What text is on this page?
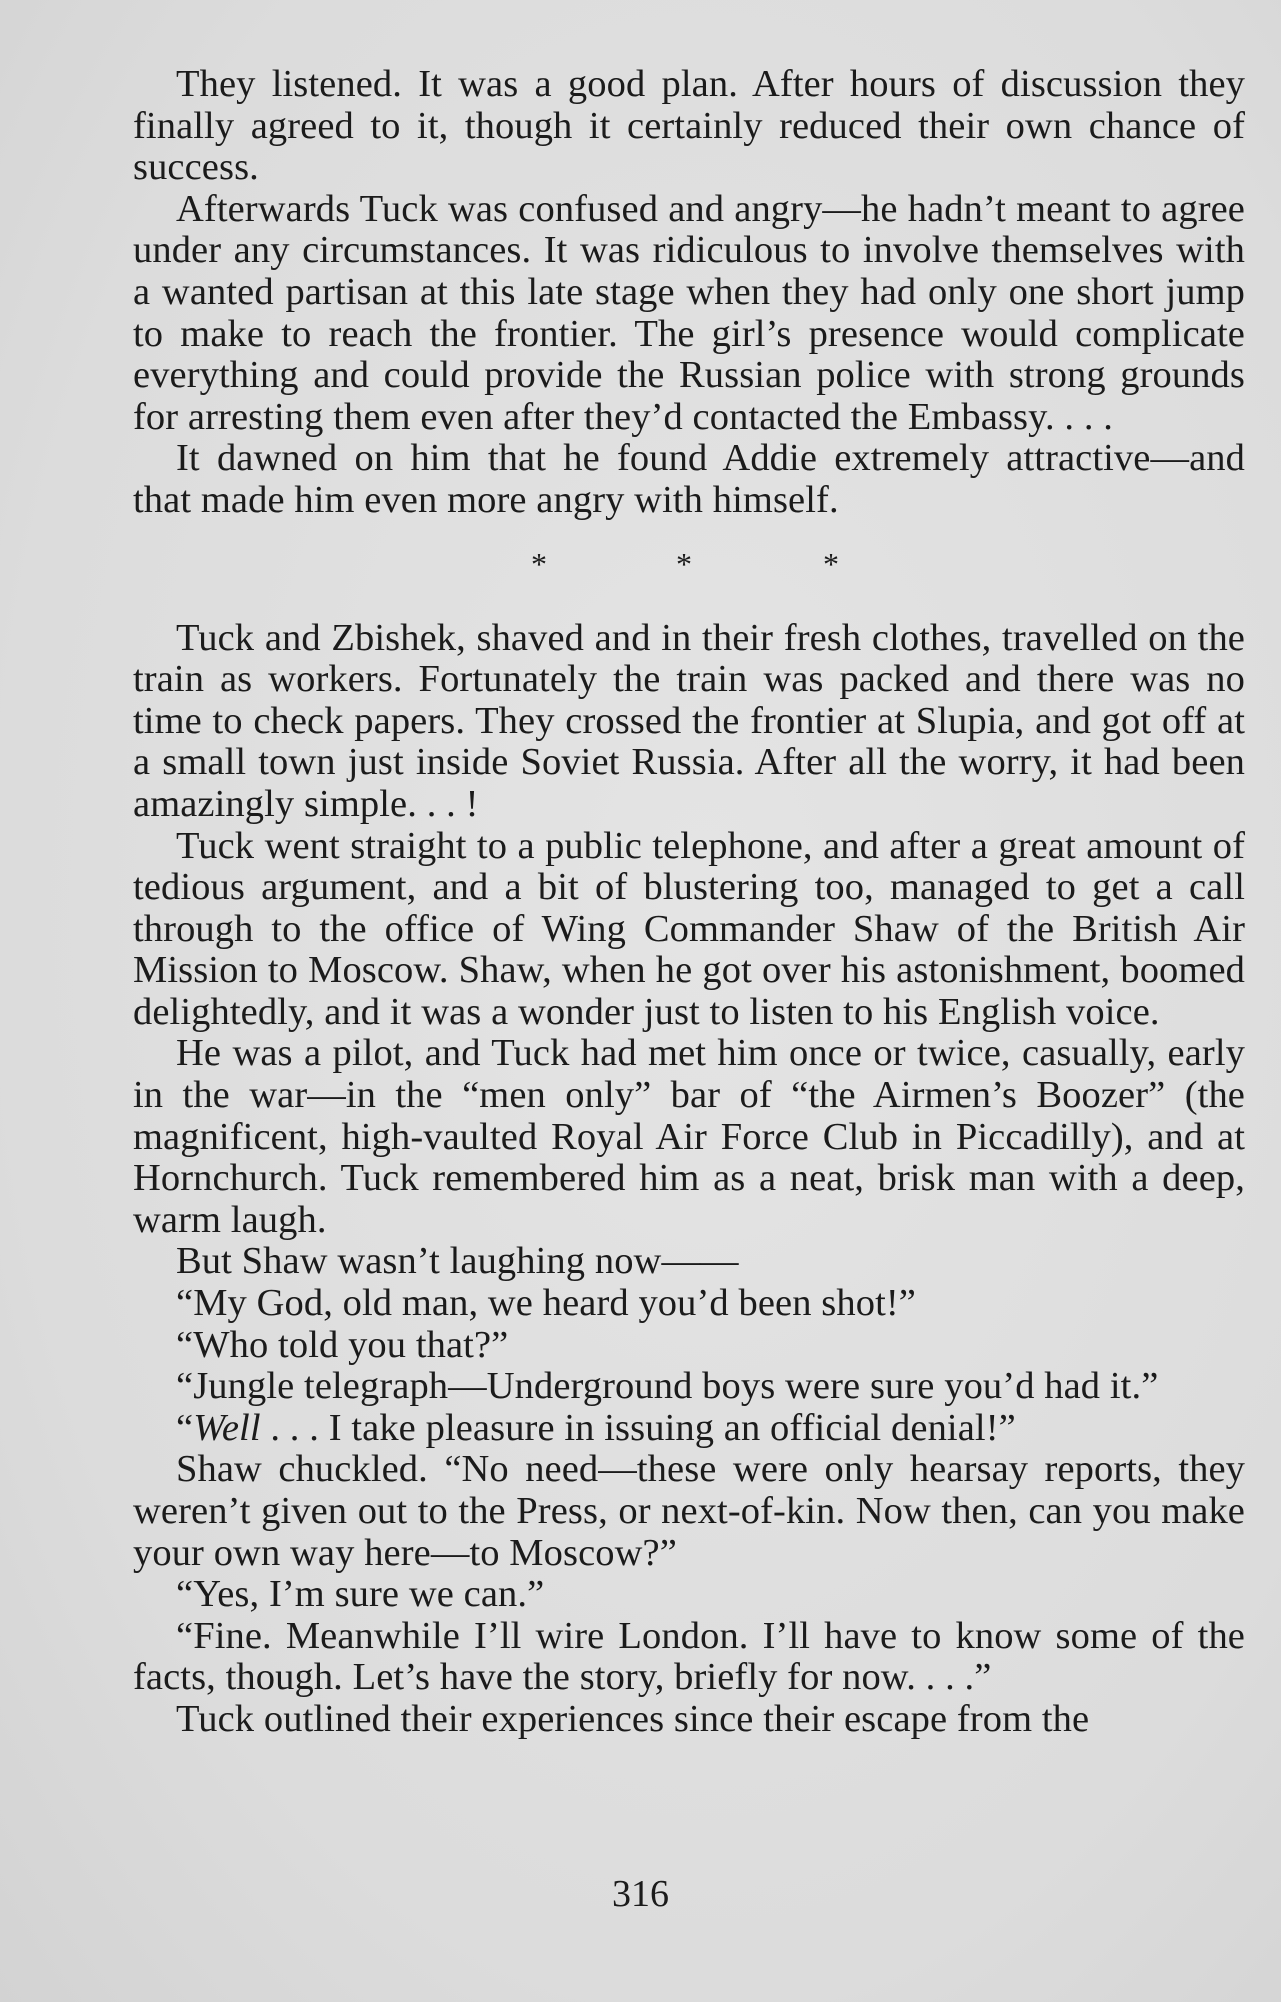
They listened. It was a good plan. After hours of discussion they finally agreed to it, though it certainly reduced their own chance of success.

Afterwards Tuck was confused and angry—he hadn’t meant to agree under any circumstances. It was ridiculous to involve themselves with a wanted partisan at this late stage when they had only one short jump to make to reach the frontier. The girl’s presence would complicate everything and could provide the Russian police with strong grounds for arresting them even after they’d contacted the Embassy. . . .

It dawned on him that he found Addie extremely attractive—and that made him even more angry with himself.

*	*	*

Tuck and Zbishek, shaved and in their fresh clothes, travelled on the train as workers. Fortunately the train was packed and there was no time to check papers. They crossed the frontier at Slupia, and got off at a small town just inside Soviet Russia. After all the worry, it had been amazingly simple. . . !

Tuck went straight to a public telephone, and after a great amount of tedious argument, and a bit of blustering too, managed to get a call through to the office of Wing Commander Shaw of the British Air Mission to Moscow. Shaw, when he got over his astonishment, boomed delightedly, and it was a wonder just to listen to his English voice.

He was a pilot, and Tuck had met him once or twice, casually, early in the war—in the “men only” bar of “the Airmen’s Boozer” (the magnificent, high-vaulted Royal Air Force Club in Piccadilly), and at Hornchurch. Tuck remembered him as a neat, brisk man with a deep, warm laugh.

But Shaw wasn’t laughing now——

“My God, old man, we heard you’d been shot!”

“Who told you that?”

“Jungle telegraph—Underground boys were sure you’d had it.”

“Well . . . I take pleasure in issuing an official denial!”

Shaw chuckled. “No need—these were only hearsay reports, they weren’t given out to the Press, or next-of-kin. Now then, can you make your own way here—to Moscow?”

“Yes, I’m sure we can.”

“Fine. Meanwhile I’ll wire London. I’ll have to know some of the facts, though. Let’s have the story, briefly for now. . . .”

Tuck outlined their experiences since their escape from the

316
